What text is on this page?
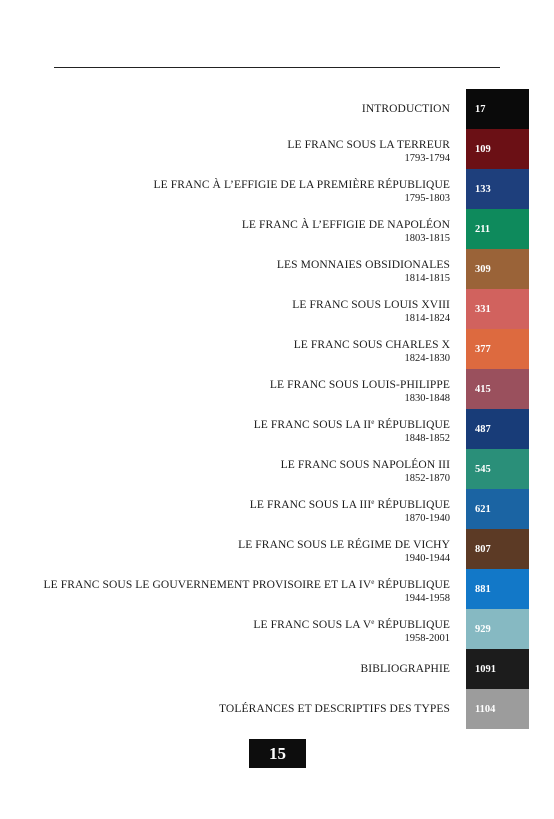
INTRODUCTION 17
LE FRANC SOUS LA TERREUR
1793-1794
109
LE FRANC À L’EFFIGIE DE LA PREMIÈRE RÉPUBLIQUE
1795-1803
133
LE FRANC À L’EFFIGIE DE NAPOLÉON
1803-1815
211
LES MONNAIES OBSIDIONALES
1814-1815
309
LE FRANC SOUS LOUIS XVIII
1814-1824
331
LE FRANC SOUS CHARLES X
1824-1830
377
LE FRANC SOUS LOUIS-PHILIPPE
1830-1848
415
LE FRANC SOUS LA IIe RÉPUBLIQUE
1848-1852
487
LE FRANC SOUS NAPOLÉON III
1852-1870
545
LE FRANC SOUS LA IIIe RÉPUBLIQUE
1870-1940
621
LE FRANC SOUS LE RÉGIME DE VICHY
1940-1944
807
LE FRANC SOUS LE GOUVERNEMENT PROVISOIRE ET LA IVe RÉPUBLIQUE
1944-1958
881
LE FRANC SOUS LA Ve RÉPUBLIQUE
1958-2001
929
BIBLIOGRAPHIE 1091
TOLÉRANCES ET DESCRIPTIFS DES TYPES 1104
15
